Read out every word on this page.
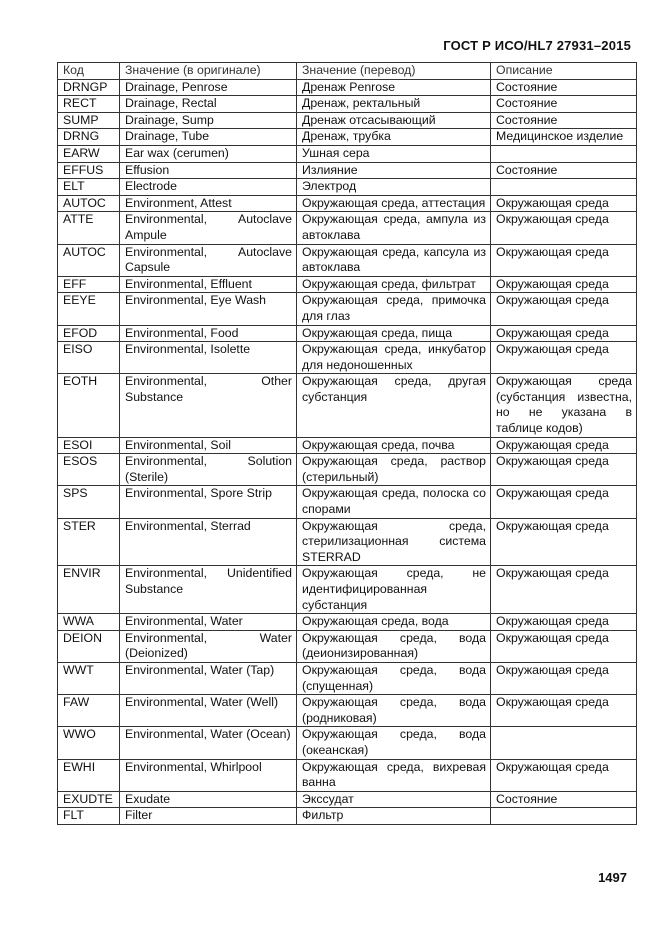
ГОСТ Р ИСО/HL7 27931–2015
Код	Значение (в оригинале)	Значение (перевод)	Описание
DRNGP	Drainage, Penrose	Дренаж Penrose	Состояние
RECT	Drainage, Rectal	Дренаж, ректальный	Состояние
SUMP	Drainage, Sump	Дренаж отсасывающий	Состояние
DRNG	Drainage, Tube	Дренаж, трубка	Медицинское изделие
EARW	Ear wax (cerumen)	Ушная сера	
EFFUS	Effusion	Излияние	Состояние
ELT	Electrode	Электрод	
AUTOC	Environment, Attest	Окружающая среда, аттестация	Окружающая среда
ATTE	Environmental, Autoclave Ampule	Окружающая среда, ампула из автоклава	Окружающая среда
AUTOC	Environmental, Autoclave Capsule	Окружающая среда, капсула из автоклава	Окружающая среда
EFF	Environmental, Effluent	Окружающая среда, фильтрат	Окружающая среда
EEYE	Environmental, Eye Wash	Окружающая среда, примочка для глаз	Окружающая среда
EFOD	Environmental, Food	Окружающая среда, пища	Окружающая среда
EISO	Environmental, Isolette	Окружающая среда, инкубатор для недоношенных	Окружающая среда
EOTH	Environmental, Other Substance	Окружающая среда, другая субстанция	Окружающая среда (субстанция известна, но не указана в таблице кодов)
ESOI	Environmental, Soil	Окружающая среда, почва	Окружающая среда
ESOS	Environmental, Solution (Sterile)	Окружающая среда, раствор (стерильный)	Окружающая среда
SPS	Environmental, Spore Strip	Окружающая среда, полоска со спорами	Окружающая среда
STER	Environmental, Sterrad	Окружающая среда, стерилизационная система STERRAD	Окружающая среда
ENVIR	Environmental, Unidentified Substance	Окружающая среда, не идентифицированная субстанция	Окружающая среда
WWA	Environmental, Water	Окружающая среда, вода	Окружающая среда
DEION	Environmental, Water (Deionized)	Окружающая среда, вода (деионизированная)	Окружающая среда
WWT	Environmental, Water (Tap)	Окружающая среда, вода (спущенная)	Окружающая среда
FAW	Environmental, Water (Well)	Окружающая среда, вода (родниковая)	Окружающая среда
WWO	Environmental, Water (Ocean)	Окружающая среда, вода (океанская)	
EWHI	Environmental, Whirlpool	Окружающая среда, вихревая ванна	Окружающая среда
EXUDTE	Exudate	Экссудат	Состояние
FLT	Filter	Фильтр	
1497
